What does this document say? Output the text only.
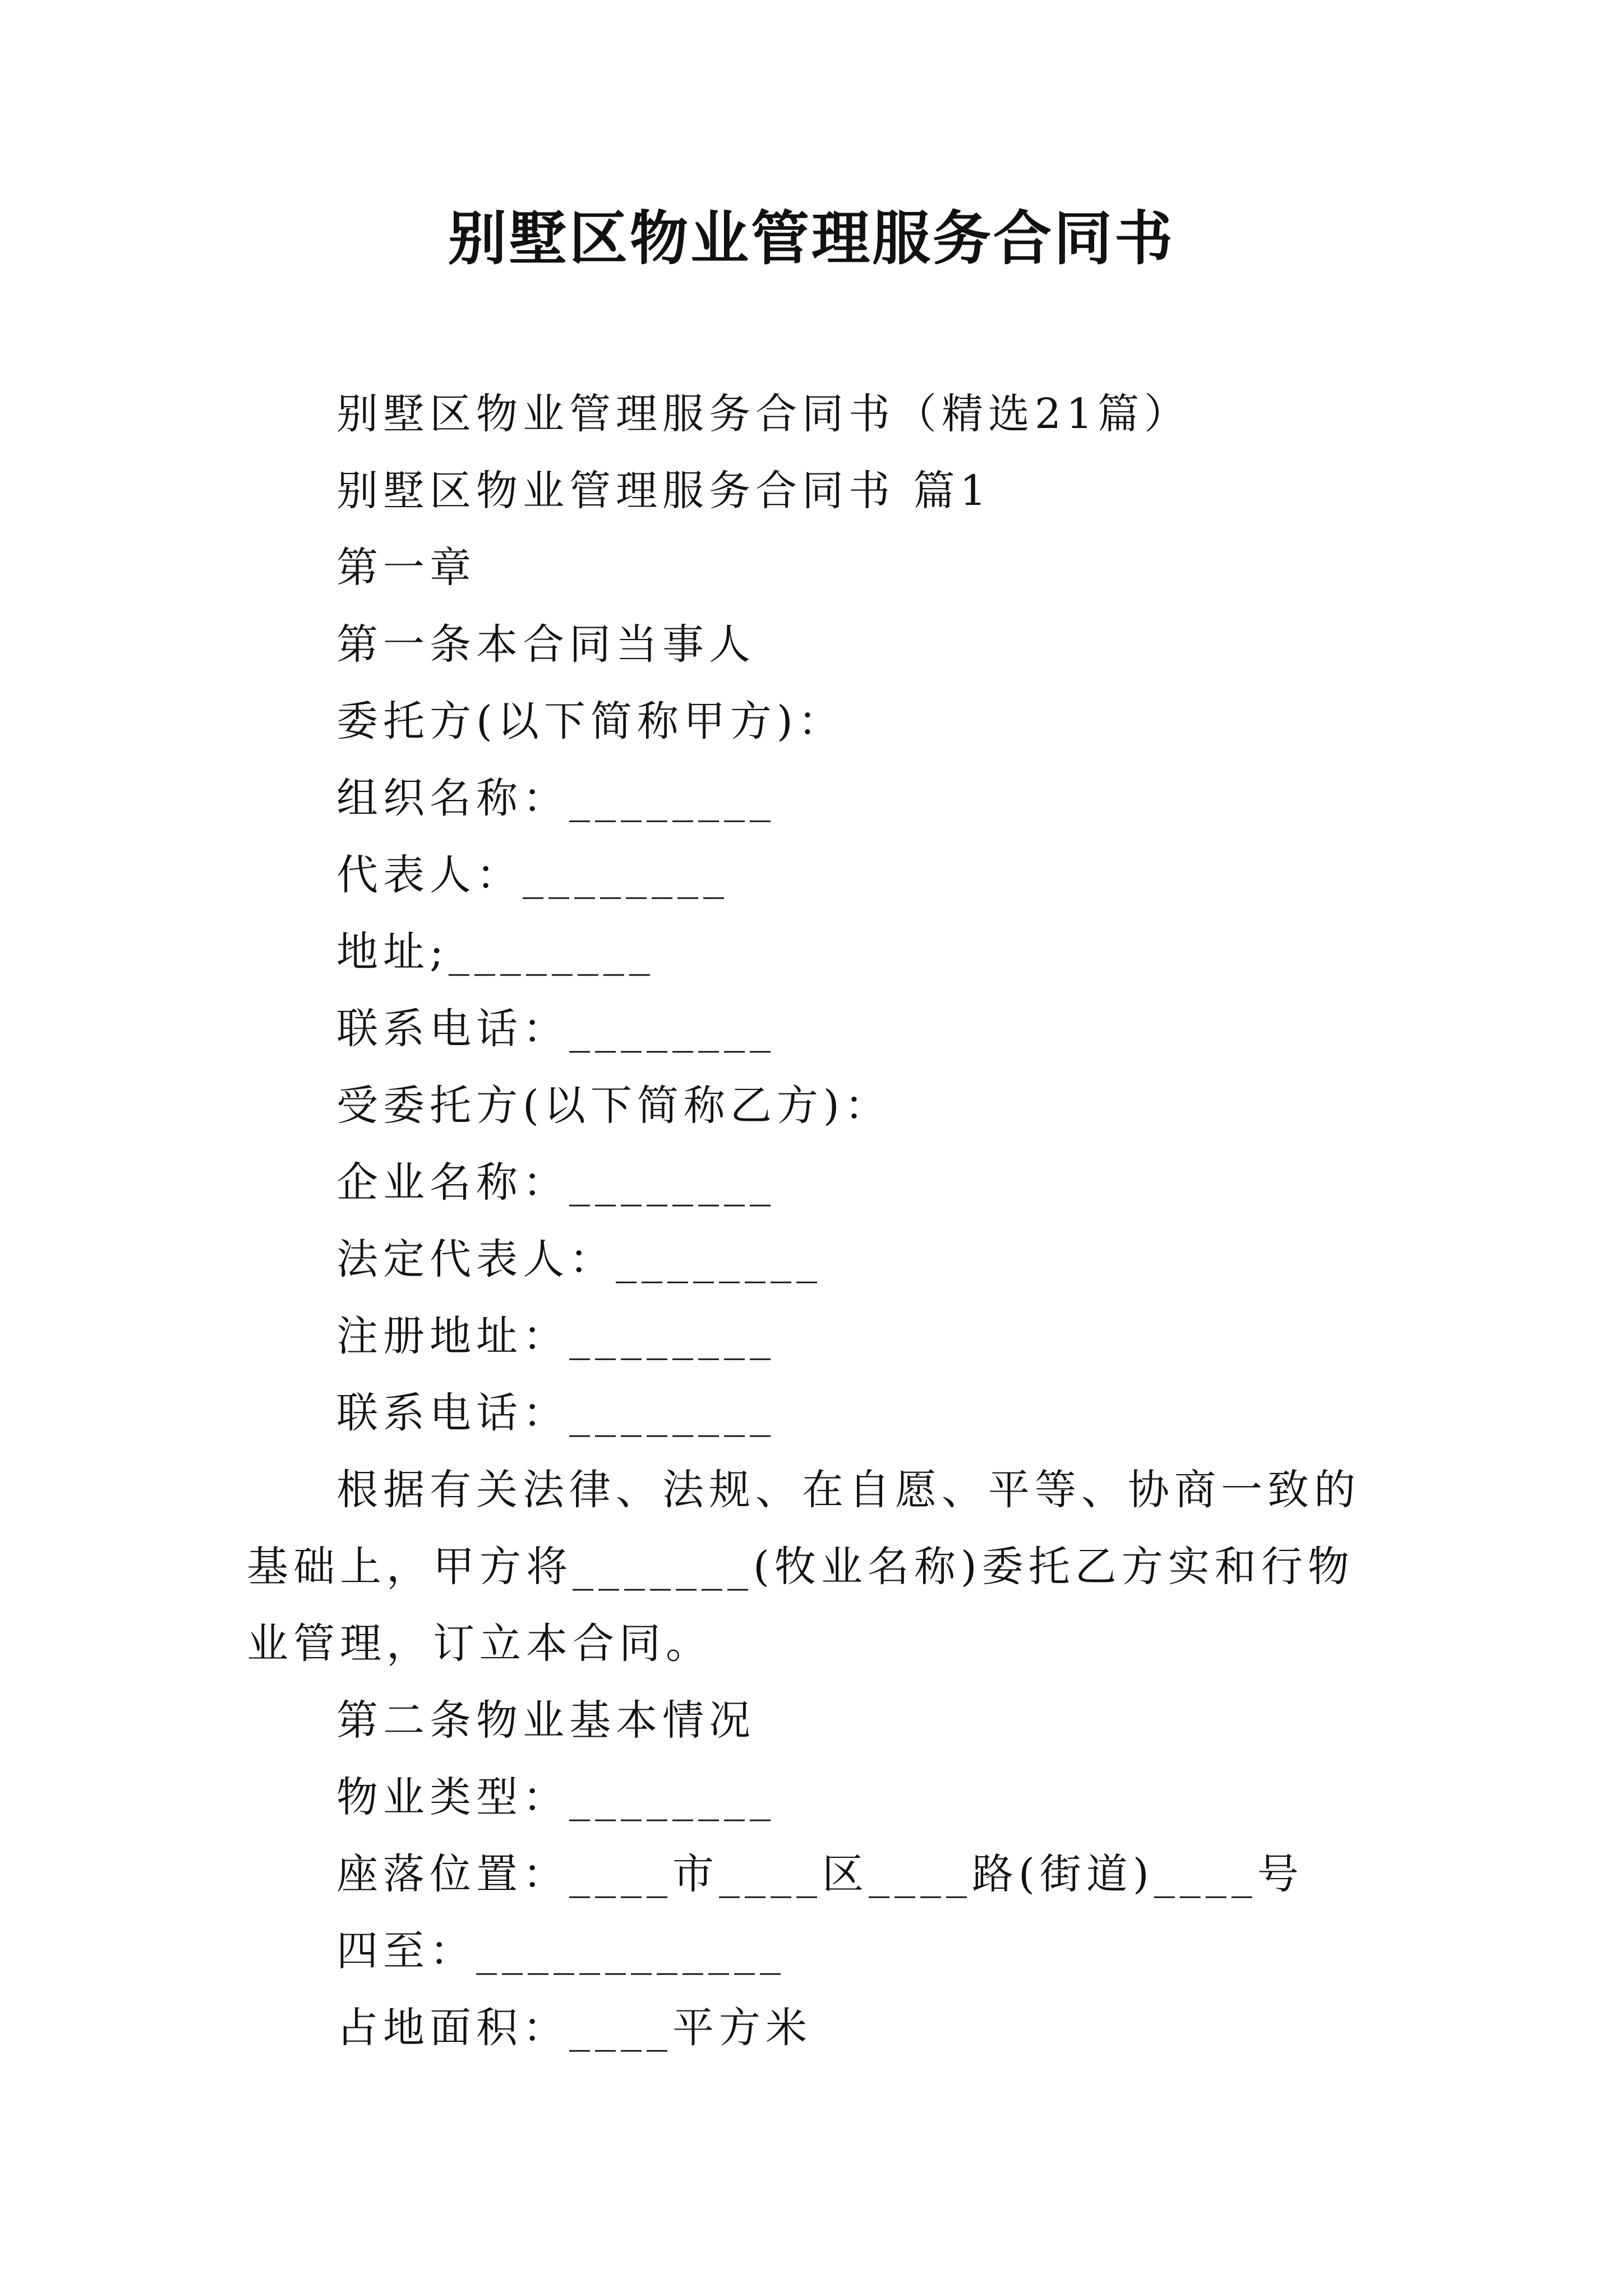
别墅区物业管理服务合同书

别墅区物业管理服务合同书（精选21篇）

别墅区物业管理服务合同书 篇1

第一章

第一条本合同当事人

委托方(以下简称甲方)：

组织名称：________

代表人：________

地址;________

联系电话：________

受委托方(以下简称乙方)：

企业名称：________

法定代表人：________

注册地址：________

联系电话：________

根据有关法律、法规、在自愿、平等、协商一致的基础上，甲方将_______(牧业名称)委托乙方实和行物业管理，订立本合同。

第二条物业基本情况

物业类型：________

座落位置：____市____区____路(街道)____号

四至：____________

占地面积：____平方米
